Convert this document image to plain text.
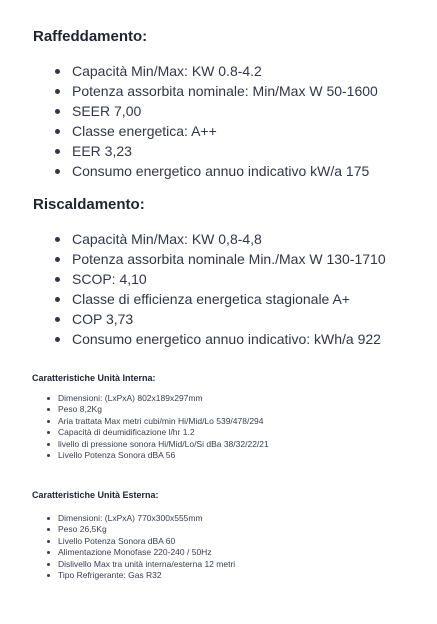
Raffeddamento:
Capacità Min/Max: KW 0.8-4.2
Potenza assorbita nominale: Min/Max W 50-1600
SEER 7,00
Classe energetica: A++
EER 3,23
Consumo energetico annuo indicativo kW/a 175
Riscaldamento:
Capacità Min/Max: KW 0,8-4,8
Potenza assorbita nominale Min./Max W 130-1710
SCOP: 4,10
Classe di efficienza energetica stagionale A+
COP 3,73
Consumo energetico annuo indicativo: kWh/a 922
Caratteristiche Unità Interna:
Dimensioni: (LxPxA) 802x189x297mm
Peso 8,2Kg
Aria trattata Max metri cubi/min Hi/Mid/Lo 539/478/294
Capacità di deumidificazione l/hr 1.2
livello di pressione sonora Hi/Mid/Lo/Si dBa 38/32/22/21
Livello Potenza Sonora dBA 56
Caratteristiche Unità Esterna:
Dimensioni: (LxPxA) 770x300x555mm
Peso 26,5Kg
Livello Potenza Sonora dBA 60
Alimentazione Monofase 220-240 / 50Hz
Dislivello Max tra unità interna/esterna 12 metri
Tipo Refrigerante: Gas R32
